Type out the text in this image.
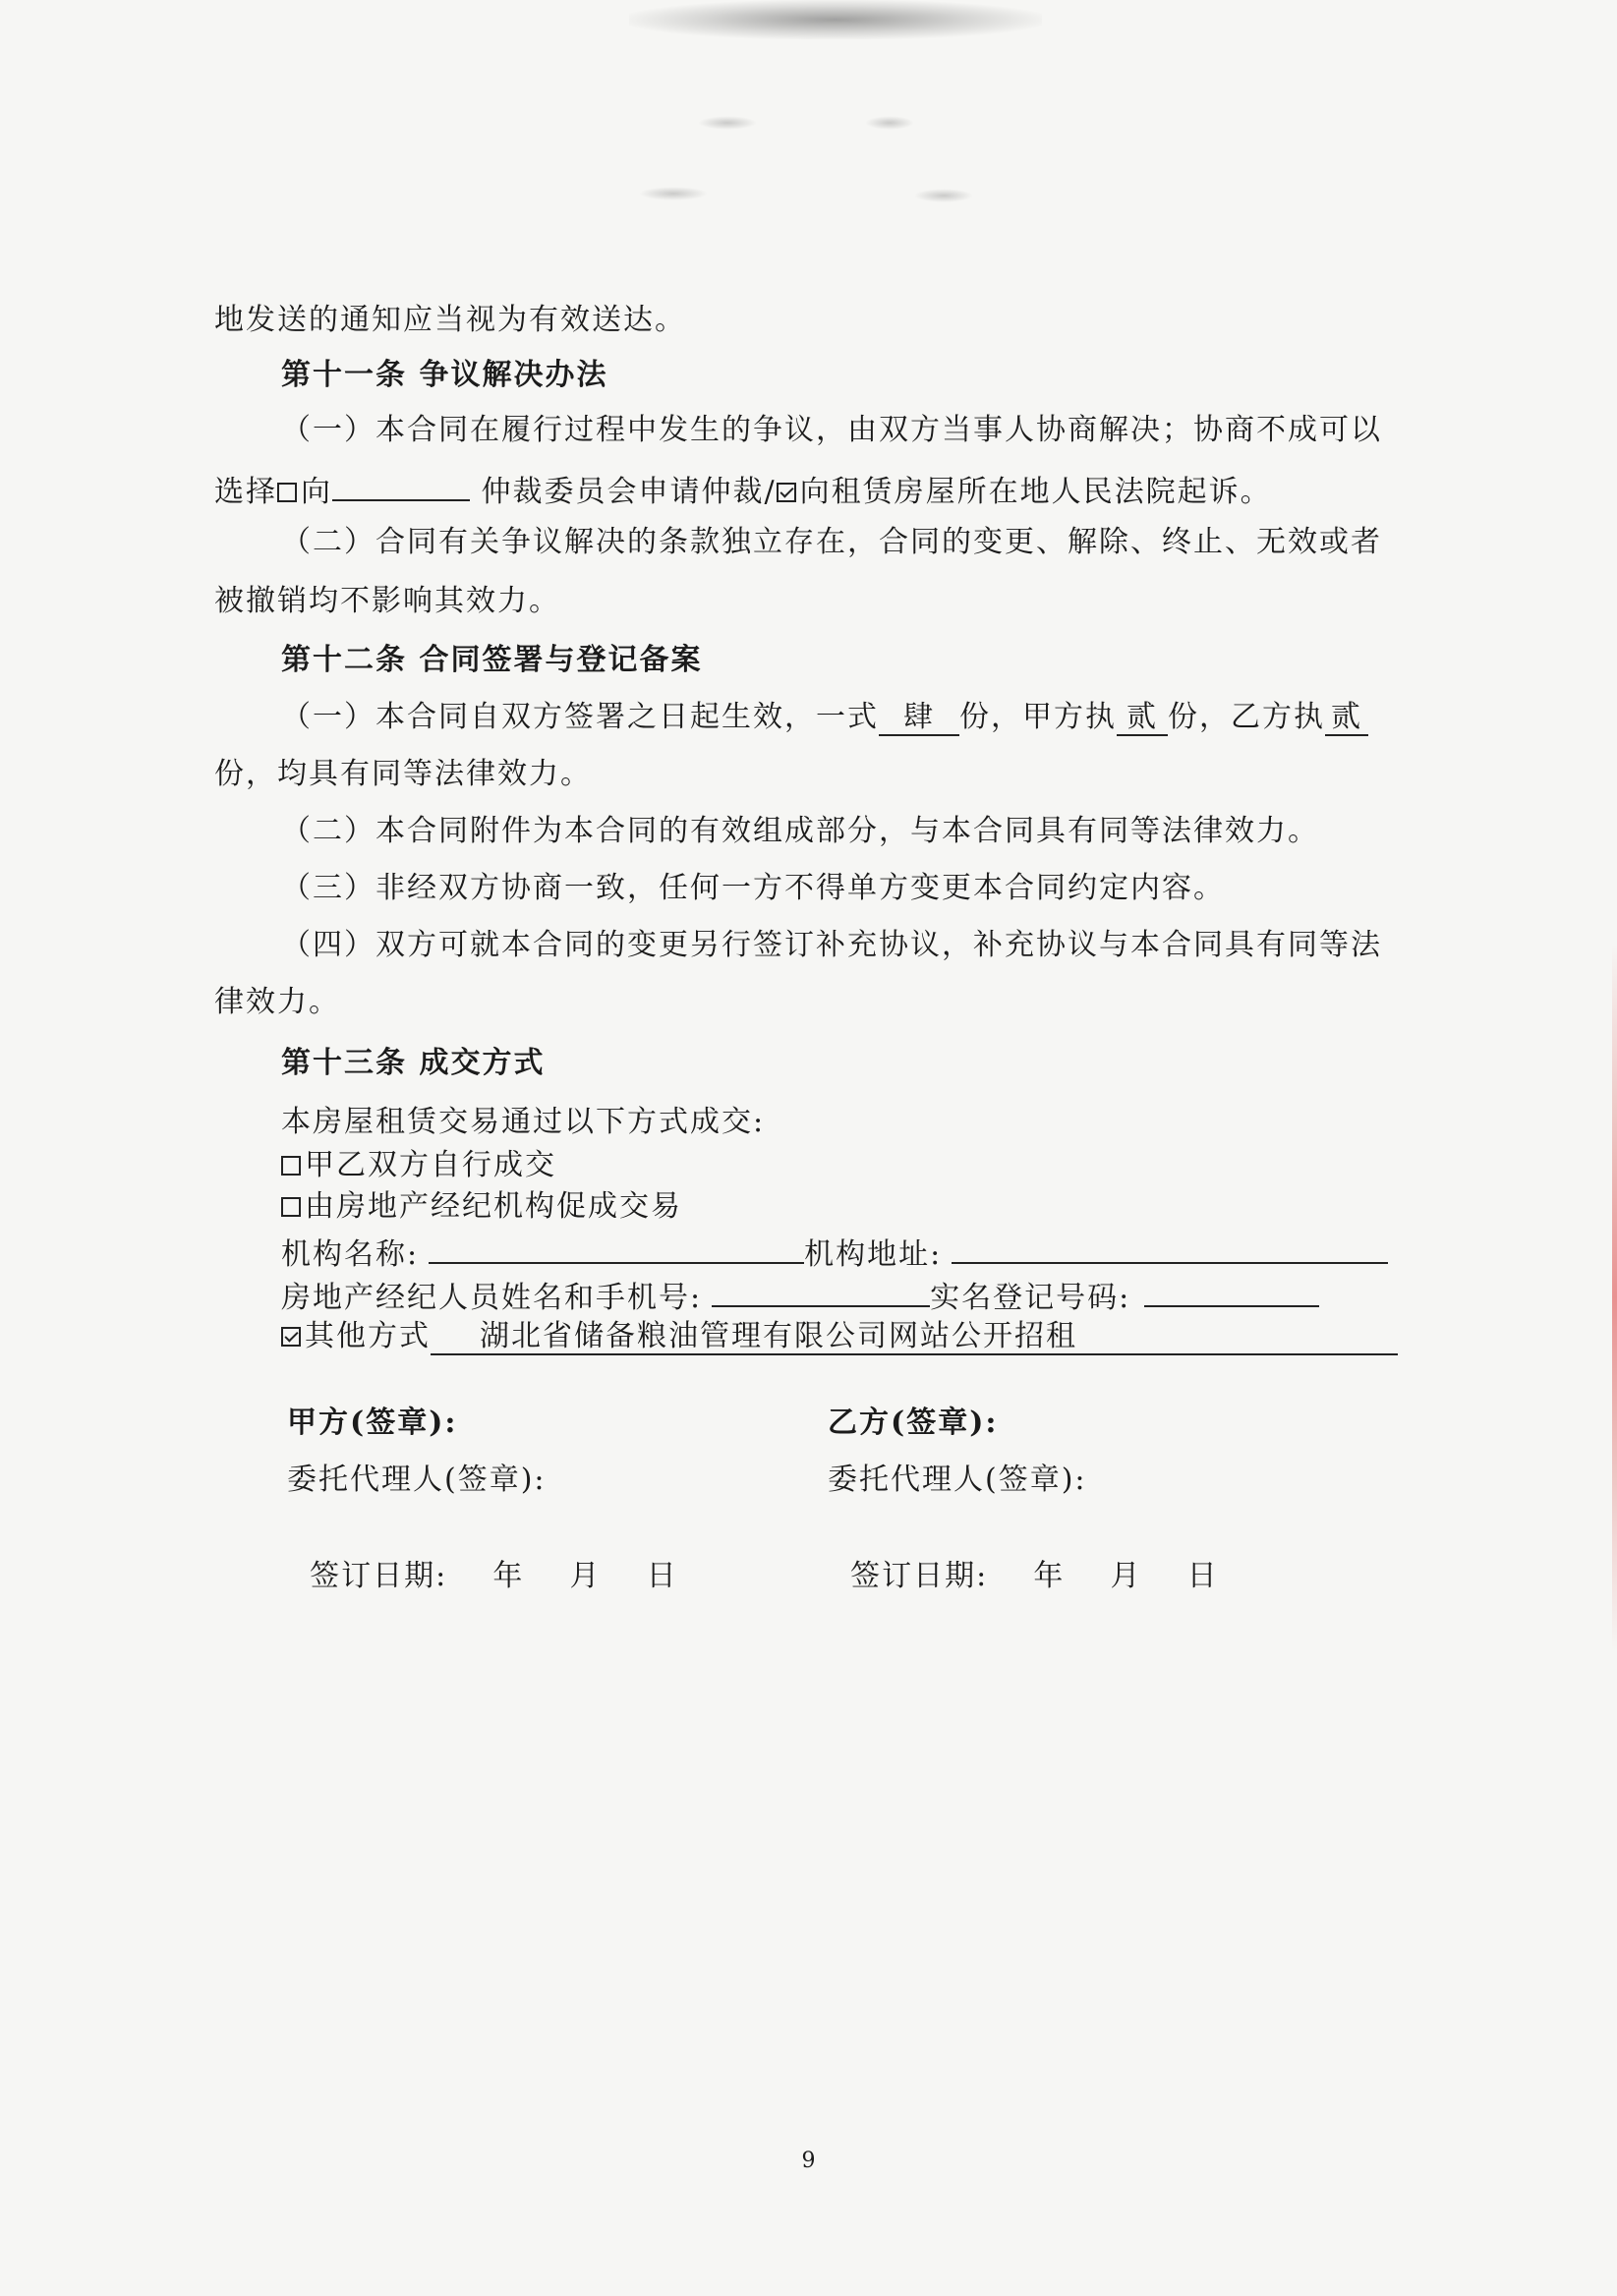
地发送的通知应当视为有效送达。
第十一条 争议解决办法
（一）本合同在履行过程中发生的争议，由双方当事人协商解决；协商不成可以
选择 向	仲裁委员会申请仲裁/ 向租赁房屋所在地人民法院起诉。
（二）合同有关争议解决的条款独立存在，合同的变更、解除、终止、无效或者
被撤销均不影响其效力。
第十二条 合同签署与登记备案
（一）本合同自双方签署之日起生效，一式 肆 份，甲方执 贰 份，乙方执 贰
份，均具有同等法律效力。
（二）本合同附件为本合同的有效组成部分，与本合同具有同等法律效力。
（三）非经双方协商一致，任何一方不得单方变更本合同约定内容。
（四）双方可就本合同的变更另行签订补充协议，补充协议与本合同具有同等法
律效力。
第十三条 成交方式
本房屋租赁交易通过以下方式成交:
甲乙双方自行成交
由房地产经纪机构促成交易
机构名称:	机构地址:
房地产经纪人员姓名和手机号:	实名登记号码:
其他方式 湖北省储备粮油管理有限公司网站公开招租
甲方(签章):	乙方(签章):
委托代理人(签章):	委托代理人(签章):

签订日期:    年    月    日	签订日期:    年    月    日

9
